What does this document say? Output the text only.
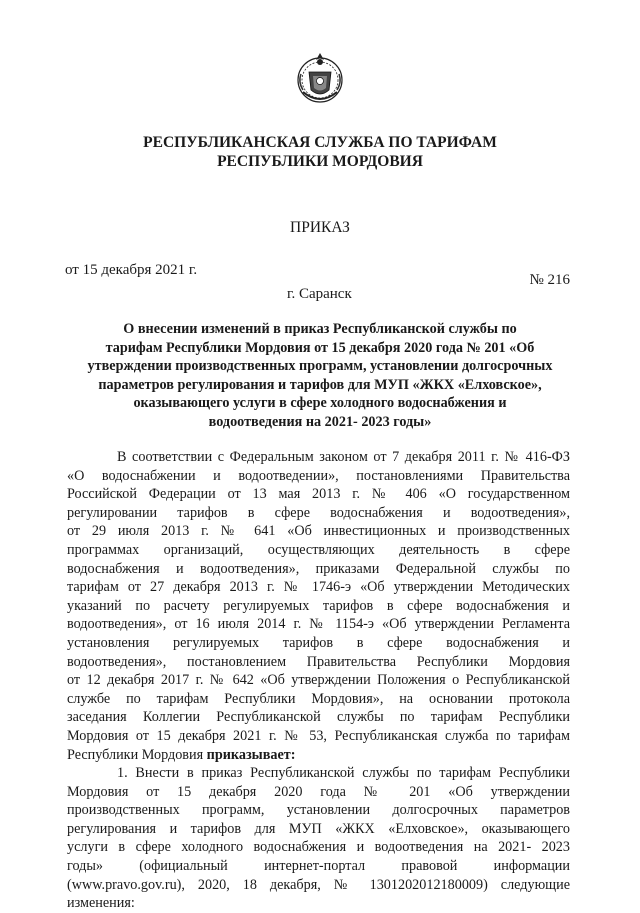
РЕСПУБЛИКАНСКАЯ СЛУЖБА ПО ТАРИФАМ
РЕСПУБЛИКИ МОРДОВИЯ
ПРИКАЗ
от 15 декабря 2021 г.
№ 216
г. Саранск
О внесении изменений в приказ Республиканской службы по
тарифам Республики Мордовия от 15 декабря 2020 года № 201 «Об
утверждении производственных программ, установлении долгосрочных
параметров регулирования и тарифов для МУП «ЖКХ «Елховское»,
оказывающего услуги в сфере холодного водоснабжения и
водоотведения на 2021- 2023 годы»
В соответствии с Федеральным законом от 7 декабря 2011 г. № 416-ФЗ
«О водоснабжении и водоотведении», постановлениями Правительства
Российской Федерации от 13 мая 2013 г. № 406 «О государственном
регулировании тарифов в сфере водоснабжения и водоотведения»,
от 29 июля 2013 г. № 641 «Об инвестиционных и производственных
программах организаций, осуществляющих деятельность в сфере
водоснабжения и водоотведения», приказами Федеральной службы по
тарифам от 27 декабря 2013 г. № 1746-э «Об утверждении Методических
указаний по расчету регулируемых тарифов в сфере водоснабжения и
водоотведения», от 16 июля 2014 г. № 1154-э «Об утверждении Регламента
установления регулируемых тарифов в сфере водоснабжения и
водоотведения», постановлением Правительства Республики Мордовия
от 12 декабря 2017 г. № 642 «Об утверждении Положения о Республиканской
службе по тарифам Республики Мордовия», на основании протокола
заседания Коллегии Республиканской службы по тарифам Республики
Мордовия от 15 декабря 2021 г. № 53, Республиканская служба по тарифам
Республики Мордовия приказывает:
1. Внести в приказ Республиканской службы по тарифам Республики
Мордовия от 15 декабря 2020 года № 201 «Об утверждении
производственных программ, установлении долгосрочных параметров
регулирования и тарифов для МУП «ЖКХ «Елховское», оказывающего
услуги в сфере холодного водоснабжения и водоотведения на 2021- 2023
годы» (официальный интернет-портал правовой информации
(www.pravo.gov.ru), 2020, 18 декабря, № 1301202012180009) следующие
изменения:
